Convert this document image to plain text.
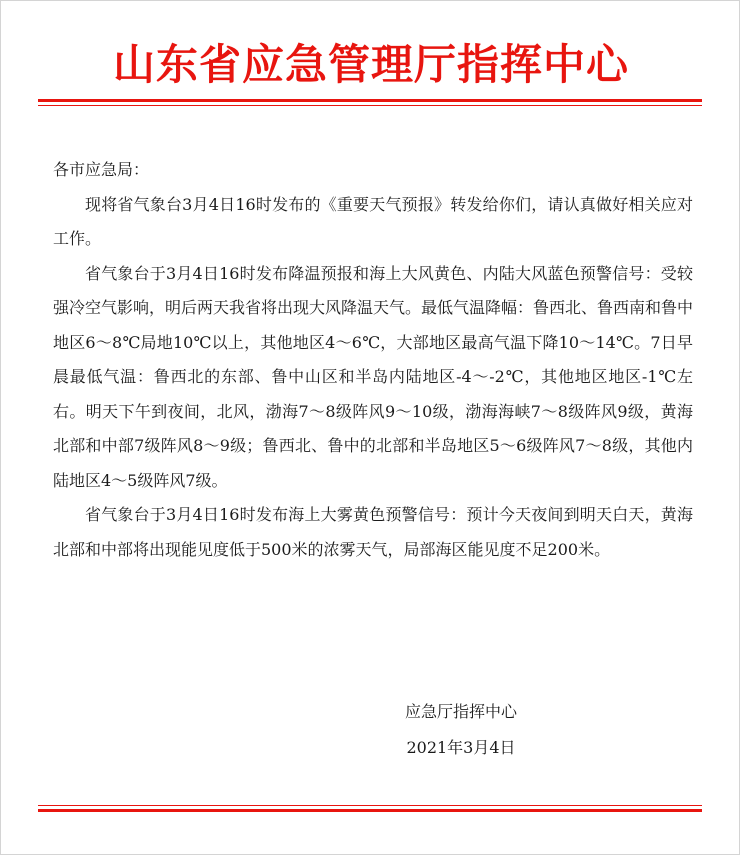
山东省应急管理厅指挥中心

各市应急局：

现将省气象台3月4日16时发布的《重要天气预报》转发给你们，请认真做好相关应对工作。

省气象台于3月4日16时发布降温预报和海上大风黄色、内陆大风蓝色预警信号：受较强冷空气影响，明后两天我省将出现大风降温天气。最低气温降幅：鲁西北、鲁西南和鲁中地区6～8℃局地10℃以上，其他地区4～6℃，大部地区最高气温下降10～14℃。7日早晨最低气温：鲁西北的东部、鲁中山区和半岛内陆地区-4～-2℃，其他地区地区-1℃左右。明天下午到夜间，北风，渤海7～8级阵风9～10级，渤海海峡7～8级阵风9级，黄海北部和中部7级阵风8～9级；鲁西北、鲁中的北部和半岛地区5～6级阵风7～8级，其他内陆地区4～5级阵风7级。

省气象台于3月4日16时发布海上大雾黄色预警信号：预计今天夜间到明天白天，黄海北部和中部将出现能见度低于500米的浓雾天气，局部海区能见度不足200米。

应急厅指挥中心
2021年3月4日
